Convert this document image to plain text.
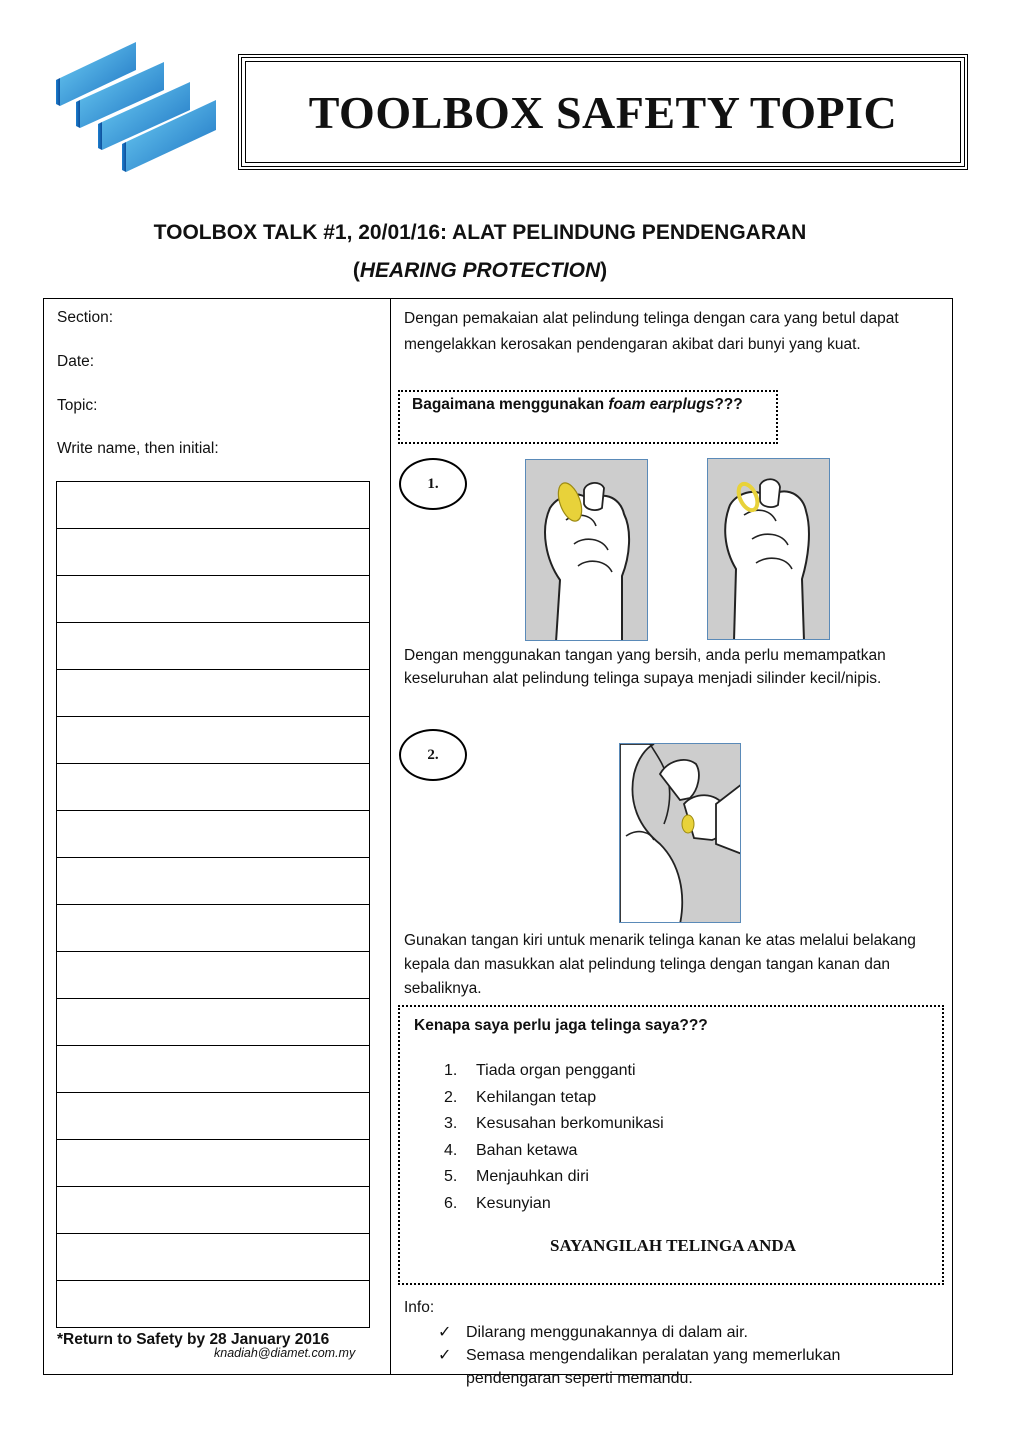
TOOLBOX SAFETY TOPIC
TOOLBOX TALK #1, 20/01/16: ALAT PELINDUNG PENDENGARAN
(HEARING PROTECTION)
Section:
Date:
Topic:
Write name, then initial:

*Return to Safety by 28 January 2016
knadiah@diamet.com.my
Dengan pemakaian alat pelindung telinga dengan cara yang betul dapat mengelakkan kerosakan pendengaran akibat dari bunyi yang kuat.
Bagaimana menggunakan foam earplugs???
1.
Dengan menggunakan tangan yang bersih, anda perlu memampatkan keseluruhan alat pelindung telinga supaya menjadi silinder kecil/nipis.
2.
Gunakan tangan kiri untuk menarik telinga kanan ke atas melalui belakang kepala dan masukkan alat pelindung telinga dengan tangan kanan dan sebaliknya.
Kenapa saya perlu jaga telinga saya???
1. Tiada organ pengganti
2. Kehilangan tetap
3. Kesusahan berkomunikasi
4. Bahan ketawa
5. Menjauhkan diri
6. Kesunyian
SAYANGILAH TELINGA ANDA
Info:
✓ Dilarang menggunakannya di dalam air.
✓ Semasa mengendalikan peralatan yang memerlukan pendengaran seperti memandu.
